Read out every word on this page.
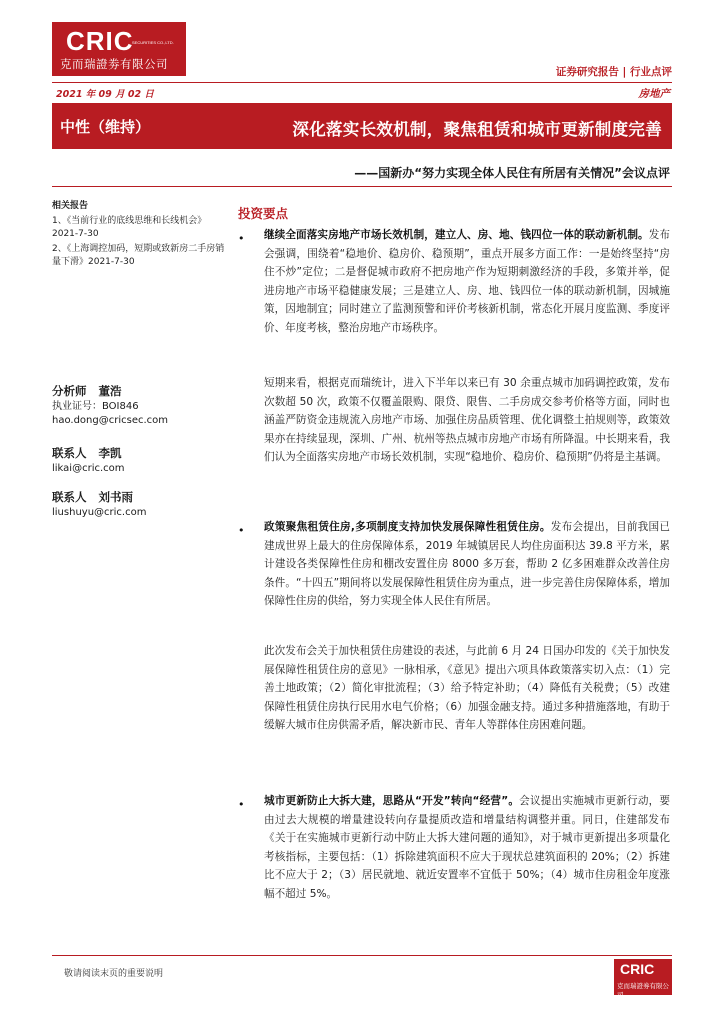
CRIC
SECURITIES CO.,LTD.
克而瑞證劵有限公司
证券研究报告 | 行业点评
2021 年 09 月 02 日	房地产
中性（维持）	深化落实长效机制，聚焦租赁和城市更新制度完善
——国新办“努力实现全体人民住有所居有关情况”会议点评
相关报告
1、《当前行业的底线思维和长线机会》2021-7-30
2、《上海调控加码，短期或致新房二手房销量下滑》2021-7-30
分析师 董浩
执业证号：BOI846
hao.dong@cricsec.com
联系人 李凯
likai@cric.com
联系人 刘书雨
liushuyu@cric.com
投资要点
• 继续全面落实房地产市场长效机制，建立人、房、地、钱四位一体的联动新机制。发布会强调，围绕着“稳地价、稳房价、稳预期”，重点开展多方面工作：一是始终坚持“房住不炒”定位；二是督促城市政府不把房地产作为短期刺激经济的手段，多策并举，促进房地产市场平稳健康发展；三是建立人、房、地、钱四位一体的联动新机制，因城施策，因地制宜；同时建立了监测预警和评价考核新机制，常态化开展月度监测、季度评价、年度考核，整治房地产市场秩序。
短期来看，根据克而瑞统计，进入下半年以来已有 30 余重点城市加码调控政策，发布次数超 50 次，政策不仅覆盖限购、限贷、限售、二手房成交参考价格等方面，同时也涵盖严防资金违规流入房地产市场、加强住房品质管理、优化调整土拍规则等，政策效果亦在持续显现，深圳、广州、杭州等热点城市房地产市场有所降温。中长期来看，我们认为全面落实房地产市场长效机制，实现“稳地价、稳房价、稳预期”仍将是主基调。
• 政策聚焦租赁住房,多项制度支持加快发展保障性租赁住房。发布会提出，目前我国已建成世界上最大的住房保障体系，2019 年城镇居民人均住房面积达 39.8 平方米，累计建设各类保障性住房和棚改安置住房 8000 多万套，帮助 2 亿多困难群众改善住房条件。“十四五”期间将以发展保障性租赁住房为重点，进一步完善住房保障体系，增加保障性住房的供给，努力实现全体人民住有所居。
此次发布会关于加快租赁住房建设的表述，与此前 6 月 24 日国办印发的《关于加快发展保障性租赁住房的意见》一脉相承，《意见》提出六项具体政策落实切入点：（1）完善土地政策；（2）简化审批流程；（3）给予特定补助；（4）降低有关税费；（5）改建保障性租赁住房执行民用水电气价格；（6）加强金融支持。通过多种措施落地，有助于缓解大城市住房供需矛盾，解决新市民、青年人等群体住房困难问题。
• 城市更新防止大拆大建，思路从“开发”转向“经营”。会议提出实施城市更新行动，要由过去大规模的增量建设转向存量提质改造和增量结构调整并重。同日，住建部发布《关于在实施城市更新行动中防止大拆大建问题的通知》，对于城市更新提出多项量化考核指标，主要包括：（1）拆除建筑面积不应大于现状总建筑面积的 20%；（2）拆建比不应大于 2；（3）居民就地、就近安置率不宜低于 50%；（4）城市住房租金年度涨幅不超过 5%。
敬请阅读末页的重要说明	CRIC
克而瑞證劵有限公司
